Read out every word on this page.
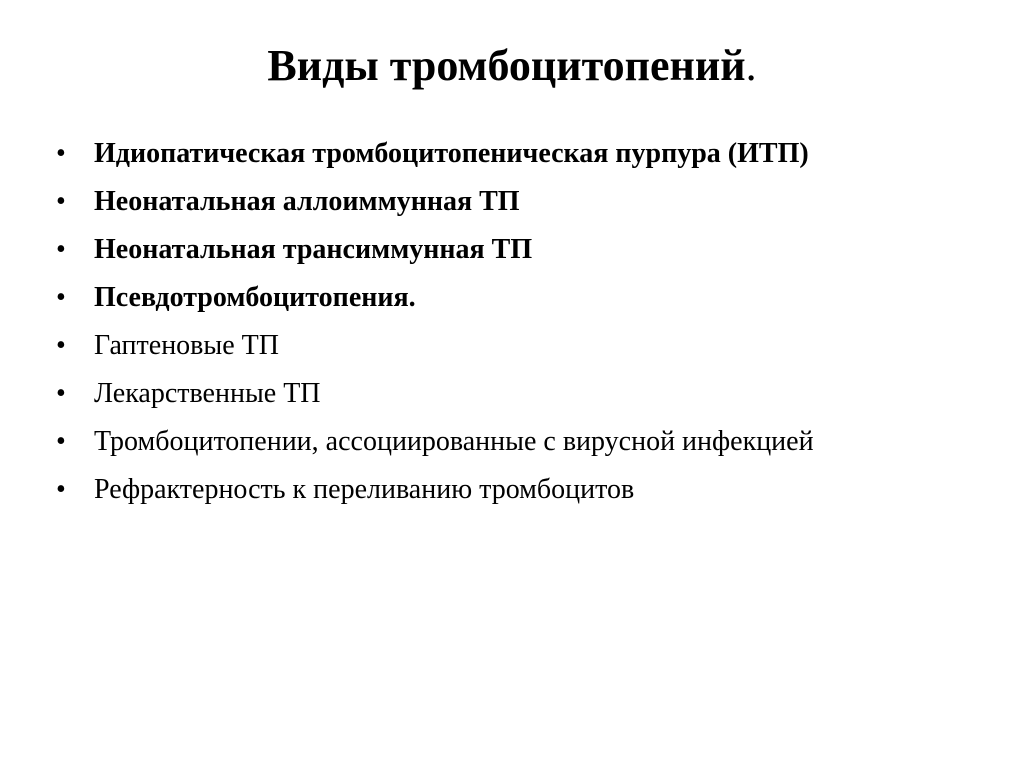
Виды тромбоцитопений.
• Идиопатическая тромбоцитопеническая пурпура (ИТП)
• Неонатальная аллоиммунная ТП
• Неонатальная трансиммунная ТП
• Псевдотромбоцитопения.
• Гаптеновые ТП
• Лекарственные ТП
• Тромбоцитопении, ассоциированные с вирусной инфекцией
• Рефрактерность к переливанию тромбоцитов
